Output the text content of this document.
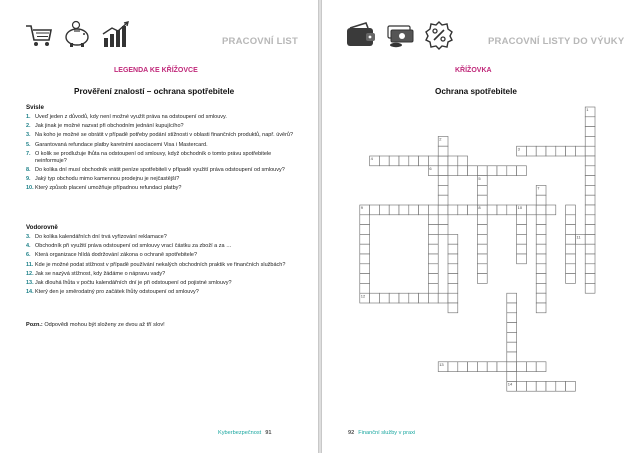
PRACOVNÍ LIST
LEGENDA KE KŘÍŽOVCE
Prověření znalostí – ochrana spotřebitele
Svisle
1. Uveď jeden z důvodů, kdy není možné využít práva na odstoupení od smlouvy.
2. Jak jinak je možné nazvat při obchodním jednání kupujícího?
3. Na koho je možné se obrátit v případě potřeby podání stížnosti v oblasti finančních produktů, např. úvěrů?
5. Garantovaná refundace platby karetními asociacemi Visa i Mastercard.
7. O kolik se prodlužuje lhůta na odstoupení od smlouvy, když obchodník o tomto právu spotřebitele neinformuje?
8. Do kolika dní musí obchodník vrátit peníze spotřebiteli v případě využití práva odstoupení od smlouvy?
9. Jaký typ obchodu mimo kamennou prodejnu je nejčastější?
10. Který způsob placení umožňuje případnou refundaci platby?
Vodorovně
3. Do kolika kalendářních dní trvá vyřizování reklamace?
4. Obchodník při využití práva odstoupení od smlouvy vrací částku za zboží a za …
6. Která organizace hlídá dodržování zákona o ochraně spotřebitele?
11. Kde je možné podat stížnost v případě používání nekalých obchodních praktik ve finančních službách?
12. Jak se nazývá stížnost, kdy žádáme o nápravu vady?
13. Jak dlouhá lhůta v počtu kalendářních dní je při odstoupení od pojistné smlouvy?
14. Který den je směrodatný pro začátek lhůty odstoupení od smlouvy?
Pozn.: Odpovědi mohou být složeny ze dvou až tří slov!
Kyberbezpečnost 91
PRACOVNÍ LISTY DO VÝUKY
KŘÍŽOVKA
Ochrana spotřebitele
1
2
3
4
5
6
7
8
9	10
11
12
13
14
92 Finanční služby v praxi
